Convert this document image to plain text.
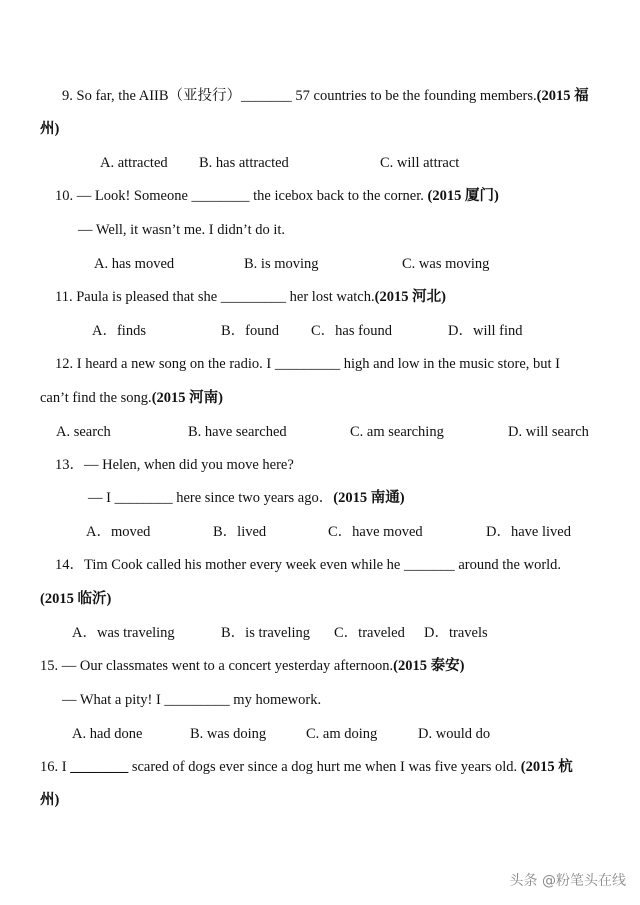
9. So far, the AIIB（亚投行）_______ 57 countries to be the founding members.(2015 福
州)
A. attracted B. has attracted	C. will attract
10. — Look! Someone ________ the icebox back to the corner. (2015 厦门)
— Well, it wasn’t me. I didn’t do it.
A. has moved	B. is moving	C. was moving
11. Paula is pleased that she _________ her lost watch.(2015 河北)
A．finds	B．found C．has found	D．will find
12. I heard a new song on the radio. I _________ high and low in the music store, but I
can’t find the song.(2015 河南)
A. search	B. have searched	C. am searching	D. will search
13．— Helen, when did you move here?
— I ________ here since two years ago．(2015 南通)
A．moved	B．lived	C．have moved	D．have lived
14．Tim Cook called his mother every week even while he _______ around the world.
(2015 临沂)
A．was traveling	B．is traveling C．traveled D．travels
15. — Our classmates went to a concert yesterday afternoon.(2015 泰安)
— What a pity! I _________ my homework.
A. had done	B. was doing	C. am doing	D. would do
16. I ________ scared of dogs ever since a dog hurt me when I was five years old. (2015 杭
州)
头条 @粉笔头在线
